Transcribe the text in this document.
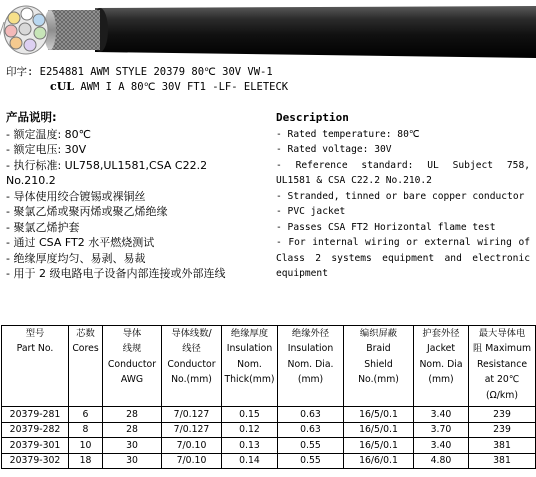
印字: E254881 AWM STYLE 20379 80℃ 30V VW-1
cUL AWM I A 80℃ 30V FT1 -LF- ELETECK
产品说明:
- 额定温度: 80℃
- 额定电压: 30V
- 执行标准: UL758,UL1581,CSA C22.2 No.210.2
- 导体使用绞合镀锡或裸铜丝
- 聚氯乙烯或聚丙烯或聚乙烯绝缘
- 聚氯乙烯护套
- 通过 CSA FT2 水平燃烧测试
- 绝缘厚度均匀、易剥、易裁
- 用于 2 级电路电子设备内部连接或外部连线
Description
- Rated temperature: 80℃
- Rated voltage: 30V
- Reference standard: UL Subject 758, UL1581 & CSA C22.2 No.210.2
- Stranded, tinned or bare copper conductor
- PVC jacket
- Passes CSA FT2 Horizontal flame test
- For internal wiring or external wiring of Class 2 systems equipment and electronic equipment
型号
Part No.	芯数
Cores	导体
线规
Conductor
AWG	导体线数/
线径
Conductor
No.(mm)	绝缘厚度
Insulation
Nom.
Thick(mm)	绝缘外径
Insulation
Nom. Dia.
(mm)	编织屏蔽
Braid
Shield
No.(mm)	护套外径
Jacket
Nom. Dia
(mm)	最大导体电
阻 Maximum
Resistance
at 20℃
(Ω/km)

20379-281	6	28	7/0.127	0.15	0.63	16/5/0.1	3.40	239
20379-282	8	28	7/0.127	0.12	0.63	16/5/0.1	3.70	239
20379-301	10	30	7/0.10	0.13	0.55	16/5/0.1	3.40	381
20379-302	18	30	7/0.10	0.14	0.55	16/6/0.1	4.80	381
